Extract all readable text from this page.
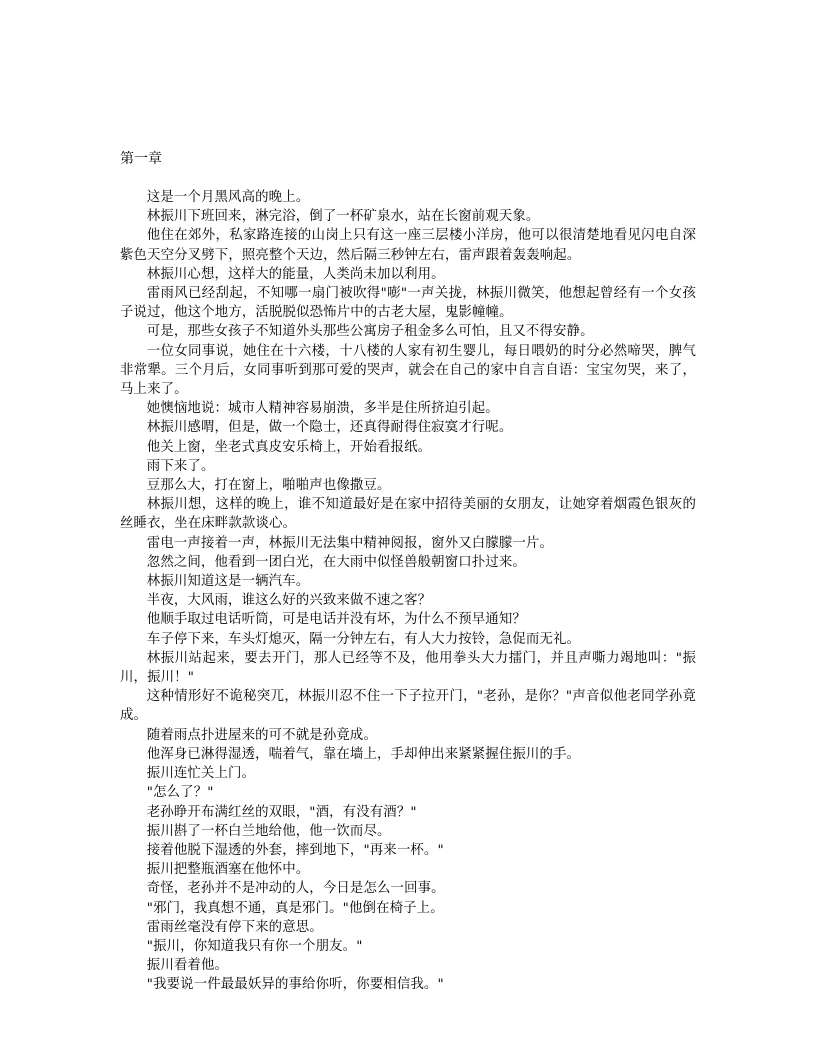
第一章

这是一个月黑风高的晚上。

林振川下班回来，淋完浴，倒了一杯矿泉水，站在长窗前观天象。

他住在郊外，私家路连接的山岗上只有这一座三层楼小洋房，他可以很清楚地看见闪电自深紫色天空分叉劈下，照亮整个天边，然后隔三秒钟左右，雷声跟着轰轰响起。

林振川心想，这样大的能量，人类尚未加以利用。

雷雨风已经刮起，不知哪一扇门被吹得"嘭"一声关拢，林振川微笑，他想起曾经有一个女孩子说过，他这个地方，活脱脱似恐怖片中的古老大屋，鬼影幢幢。

可是，那些女孩子不知道外头那些公寓房子租金多么可怕，且又不得安静。

一位女同事说，她住在十六楼，十八楼的人家有初生婴儿，每日喂奶的时分必然啼哭，脾气非常犟。三个月后，女同事听到那可爱的哭声，就会在自己的家中自言自语：宝宝勿哭，来了，马上来了。

她懊恼地说：城市人精神容易崩溃，多半是住所挤迫引起。

林振川感喟，但是，做一个隐士，还真得耐得住寂寞才行呢。

他关上窗，坐老式真皮安乐椅上，开始看报纸。

雨下来了。

豆那么大，打在窗上，啪啪声也像撒豆。

林振川想，这样的晚上，谁不知道最好是在家中招待美丽的女朋友，让她穿着烟霞色银灰的丝睡衣，坐在床畔款款谈心。

雷电一声接着一声，林振川无法集中精神阅报，窗外又白朦朦一片。

忽然之间，他看到一团白光，在大雨中似怪兽般朝窗口扑过来。

林振川知道这是一辆汽车。

半夜，大风雨，谁这么好的兴致来做不速之客？

他顺手取过电话听筒，可是电话并没有坏，为什么不预早通知？

车子停下来，车头灯熄灭，隔一分钟左右，有人大力按铃，急促而无礼。

林振川站起来，要去开门，那人已经等不及，他用拳头大力擂门，并且声嘶力竭地叫："振川，振川！"

这种情形好不诡秘突兀，林振川忍不住一下子拉开门，"老孙，是你？"声音似他老同学孙竟成。

随着雨点扑进屋来的可不就是孙竟成。

他浑身已淋得湿透，喘着气，靠在墙上，手却伸出来紧紧握住振川的手。

振川连忙关上门。

"怎么了？"

老孙睁开布满红丝的双眼，"酒，有没有酒？"

振川斟了一杯白兰地给他，他一饮而尽。

接着他脱下湿透的外套，摔到地下，"再来一杯。"

振川把整瓶酒塞在他怀中。

奇怪，老孙并不是冲动的人，今日是怎么一回事。

"邪门，我真想不通，真是邪门。"他倒在椅子上。

雷雨丝毫没有停下来的意思。

"振川，你知道我只有你一个朋友。"

振川看着他。

"我要说一件最最妖异的事给你听，你要相信我。"
